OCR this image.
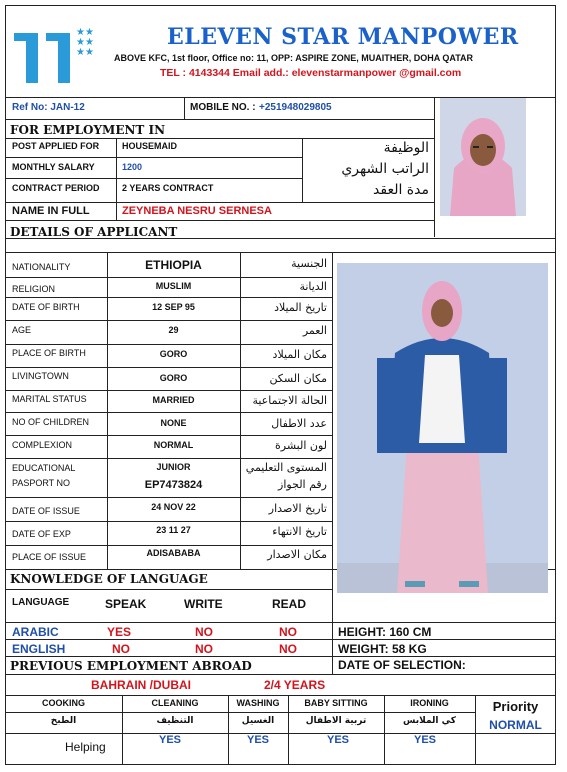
★★
★★
★★
ELEVEN STAR MANPOWER
ABOVE KFC, 1st floor, Office no: 11, OPP: ASPIRE ZONE, MUAITHER, DOHA QATAR
TEL : 4143344 Email add.: elevenstarmanpower @gmail.com
Ref No: JAN-12	MOBILE NO. : +251948029805
FOR EMPLOYMENT IN
POST APPLIED FOR	HOUSEMAID	الوظيفة
MONTHLY SALARY	1200	الراتب الشهري
CONTRACT PERIOD	2 YEARS CONTRACT	مدة العقد
NAME IN FULL	ZEYNEBA NESRU SERNESA
DETAILS OF APPLICANT
NATIONALITY	ETHIOPIA	الجنسية
RELIGION	MUSLIM	الديانة
DATE OF BIRTH	12 SEP 95	تاريخ الميلاد
AGE	29	العمر
PLACE OF BIRTH	GORO	مكان الميلاد
LIVINGTOWN	GORO	مكان السكن
MARITAL STATUS	MARRIED	الحالة الاجتماعية
NO OF CHILDREN	NONE	عدد الاطفال
COMPLEXION	NORMAL	لون البشرة
EDUCATIONAL	JUNIOR	المستوى التعليمي
PASPORT NO	EP7473824	رقم الجواز
DATE OF ISSUE	24 NOV 22	تاريخ الاصدار
DATE OF EXP	23 11 27	تاريخ الانتهاء
PLACE OF ISSUE	ADISABABA	مكان الاصدار
KNOWLEDGE OF LANGUAGE
LANGUAGE	SPEAK	WRITE	READ
ARABIC	YES	NO	NO	HEIGHT: 160 CM
ENGLISH	NO	NO	NO	WEIGHT: 58 KG
PREVIOUS EMPLOYMENT ABROAD	DATE OF SELECTION:
BAHRAIN /DUBAI	2/4 YEARS
COOKING	CLEANING	WASHING	BABY SITTING	IRONING	Priority
الطبخ	التنظيف	الغسيل	تربية الاطفال	كي الملابس	NORMAL
Helping	YES	YES	YES	YES
